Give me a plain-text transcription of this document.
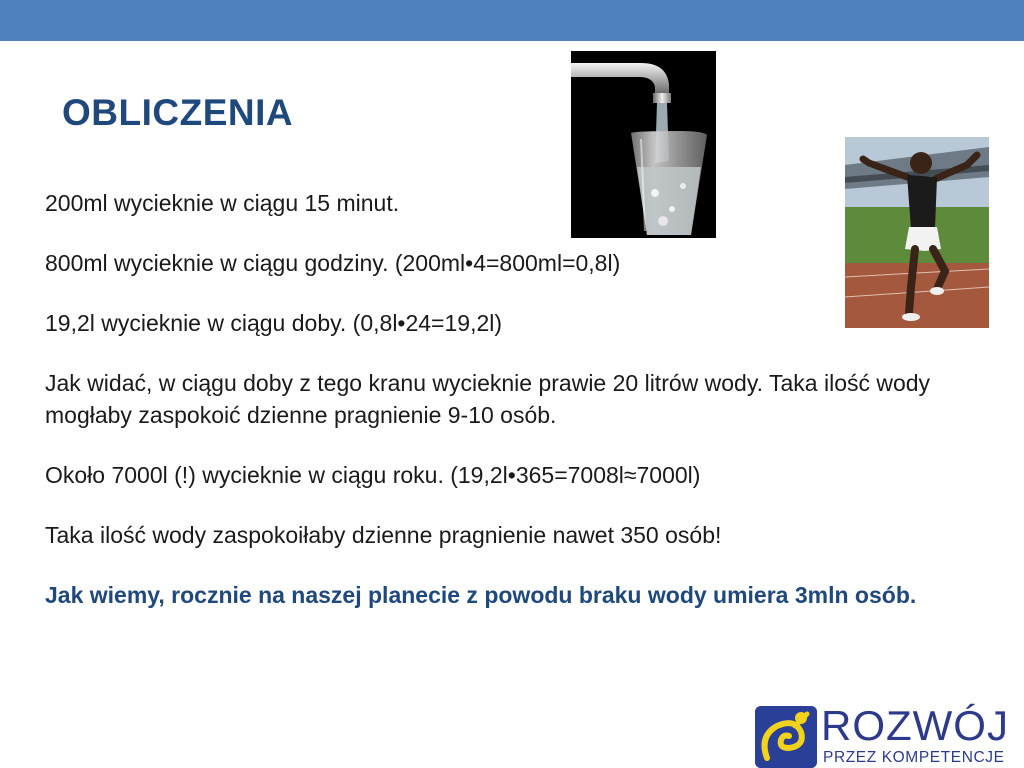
OBLICZENIA

200ml wycieknie w ciągu 15 minut.

800ml wycieknie w ciągu godziny. (200ml•4=800ml=0,8l)

19,2l wycieknie w ciągu doby. (0,8l•24=19,2l)

Jak widać, w ciągu doby z tego kranu wycieknie prawie 20 litrów wody. Taka ilość wody mogłaby zaspokoić dzienne pragnienie 9-10 osób.

Około 7000l (!) wycieknie w ciągu roku. (19,2l•365=7008l≈7000l)

Taka ilość wody zaspokoiłaby dzienne pragnienie nawet 350 osób!

Jak wiemy, rocznie na naszej planecie z powodu braku wody umiera 3mln osób.

ROZWÓJ
PRZEZ KOMPETENCJE
